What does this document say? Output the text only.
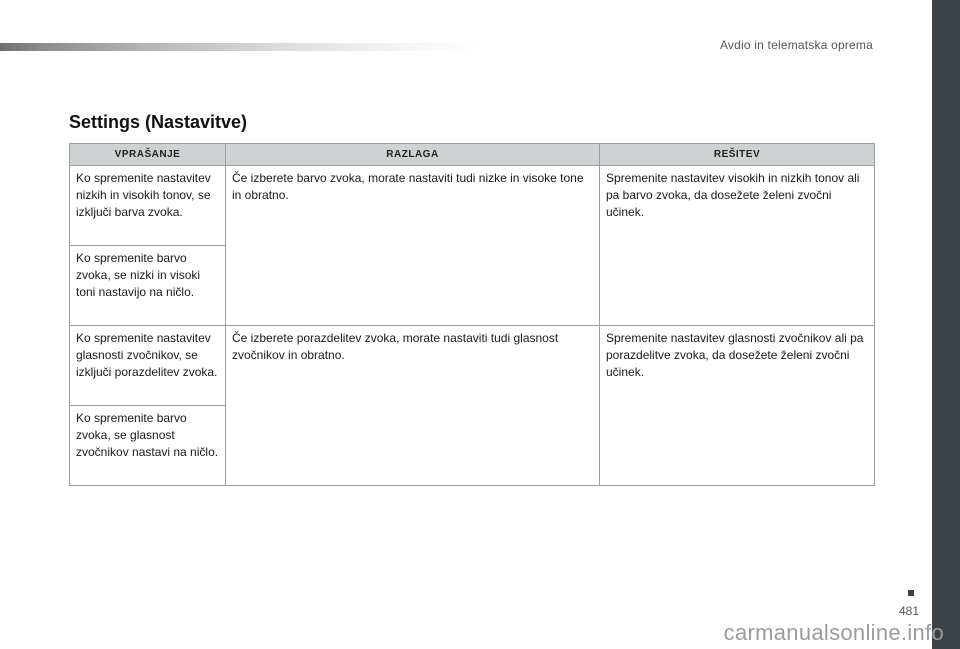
Avdio in telematska oprema
Settings (Nastavitve)
VPRAŠANJE	RAZLAGA	REŠITEV
Ko spremenite nastavitev nizkih in visokih tonov, se izključi barva zvoka.	Če izberete barvo zvoka, morate nastaviti tudi nizke in visoke tone in obratno.	Spremenite nastavitev visokih in nizkih tonov ali pa barvo zvoka, da dosežete želeni zvočni učinek.
Ko spremenite barvo zvoka, se nizki in visoki toni nastavijo na ničlo.		
Ko spremenite nastavitev glasnosti zvočnikov, se izključi porazdelitev zvoka.	Če izberete porazdelitev zvoka, morate nastaviti tudi glasnost zvočnikov in obratno.	Spremenite nastavitev glasnosti zvočnikov ali pa porazdelitve zvoka, da dosežete želeni zvočni učinek.
Ko spremenite barvo zvoka, se glasnost zvočnikov nastavi na ničlo.		
481
carmanualsonline.info
